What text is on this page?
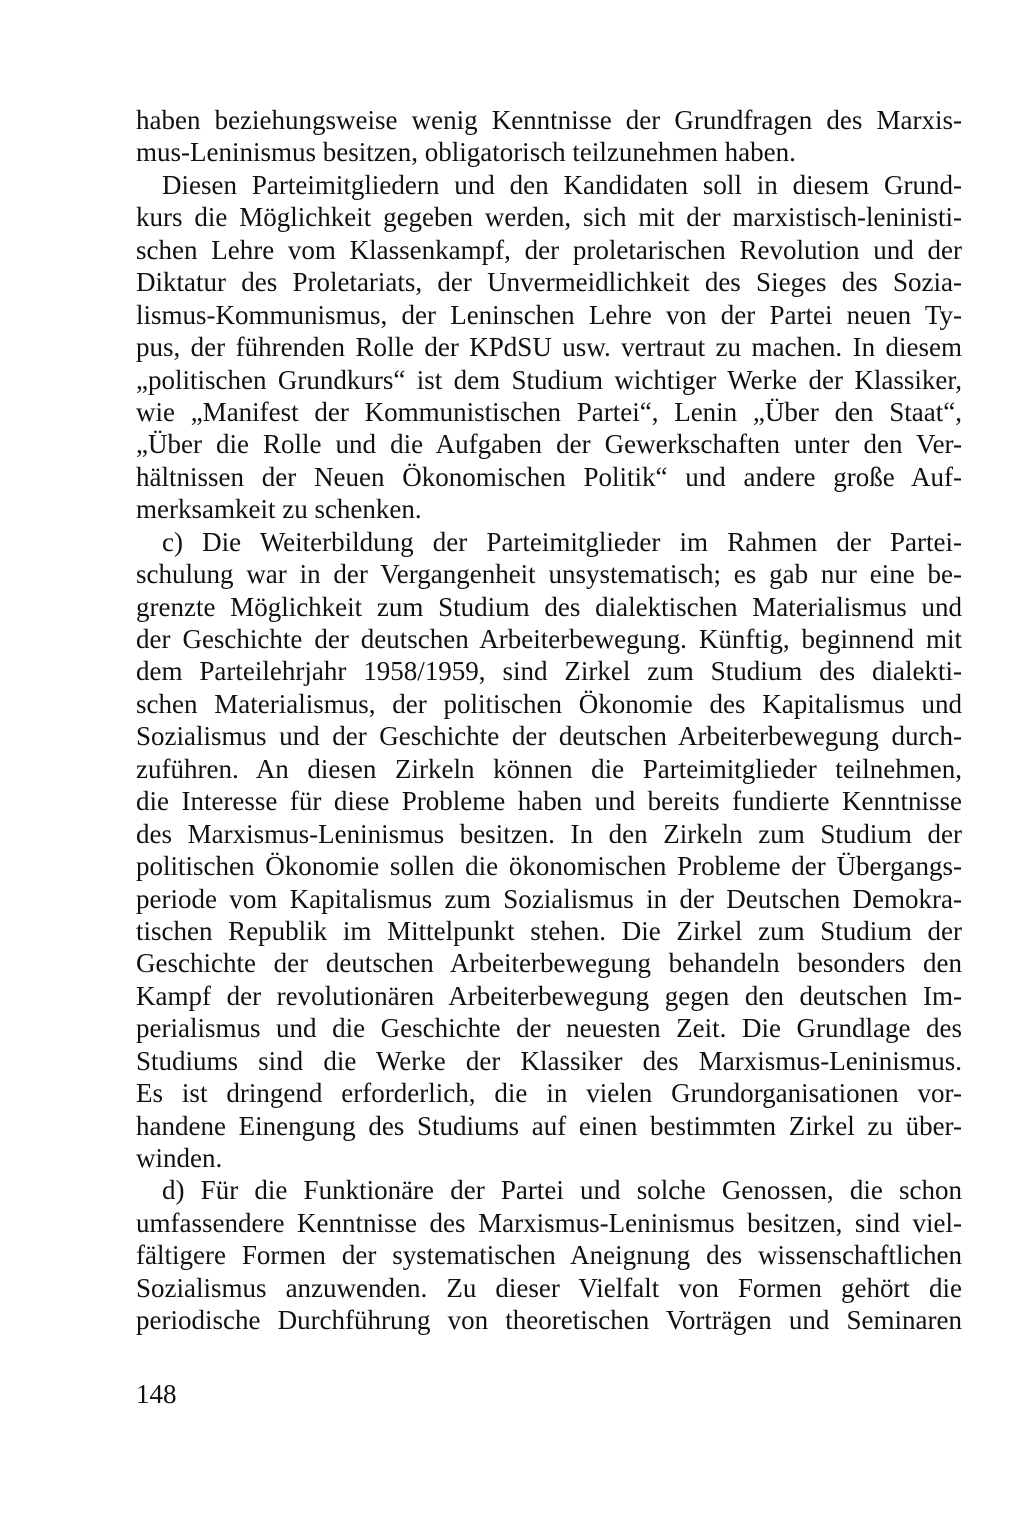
haben beziehungsweise wenig Kenntnisse der Grundfragen des Marxis-
mus-Leninismus besitzen, obligatorisch teilzunehmen haben.
Diesen Parteimitgliedern und den Kandidaten soll in diesem Grund-
kurs die Möglichkeit gegeben werden, sich mit der marxistisch-leninisti-
schen Lehre vom Klassenkampf, der proletarischen Revolution und der
Diktatur des Proletariats, der Unvermeidlichkeit des Sieges des Sozia-
lismus-Kommunismus, der Leninschen Lehre von der Partei neuen Ty-
pus, der führenden Rolle der KPdSU usw. vertraut zu machen. In diesem
„politischen Grundkurs“ ist dem Studium wichtiger Werke der Klassiker,
wie „Manifest der Kommunistischen Partei“, Lenin „Über den Staat“,
„Über die Rolle und die Aufgaben der Gewerkschaften unter den Ver-
hältnissen der Neuen Ökonomischen Politik“ und andere große Auf-
merksamkeit zu schenken.
c) Die Weiterbildung der Parteimitglieder im Rahmen der Partei-
schulung war in der Vergangenheit unsystematisch; es gab nur eine be-
grenzte Möglichkeit zum Studium des dialektischen Materialismus und
der Geschichte der deutschen Arbeiterbewegung. Künftig, beginnend mit
dem Parteilehrjahr 1958/1959, sind Zirkel zum Studium des dialekti-
schen Materialismus, der politischen Ökonomie des Kapitalismus und
Sozialismus und der Geschichte der deutschen Arbeiterbewegung durch-
zuführen. An diesen Zirkeln können die Parteimitglieder teilnehmen,
die Interesse für diese Probleme haben und bereits fundierte Kenntnisse
des Marxismus-Leninismus besitzen. In den Zirkeln zum Studium der
politischen Ökonomie sollen die ökonomischen Probleme der Übergangs-
periode vom Kapitalismus zum Sozialismus in der Deutschen Demokra-
tischen Republik im Mittelpunkt stehen. Die Zirkel zum Studium der
Geschichte der deutschen Arbeiterbewegung behandeln besonders den
Kampf der revolutionären Arbeiterbewegung gegen den deutschen Im-
perialismus und die Geschichte der neuesten Zeit. Die Grundlage des
Studiums sind die Werke der Klassiker des Marxismus-Leninismus.
Es ist dringend erforderlich, die in vielen Grundorganisationen vor-
handene Einengung des Studiums auf einen bestimmten Zirkel zu über-
winden.
d) Für die Funktionäre der Partei und solche Genossen, die schon
umfassendere Kenntnisse des Marxismus-Leninismus besitzen, sind viel-
fältigere Formen der systematischen Aneignung des wissenschaftlichen
Sozialismus anzuwenden. Zu dieser Vielfalt von Formen gehört die
periodische Durchführung von theoretischen Vorträgen und Seminaren
148
